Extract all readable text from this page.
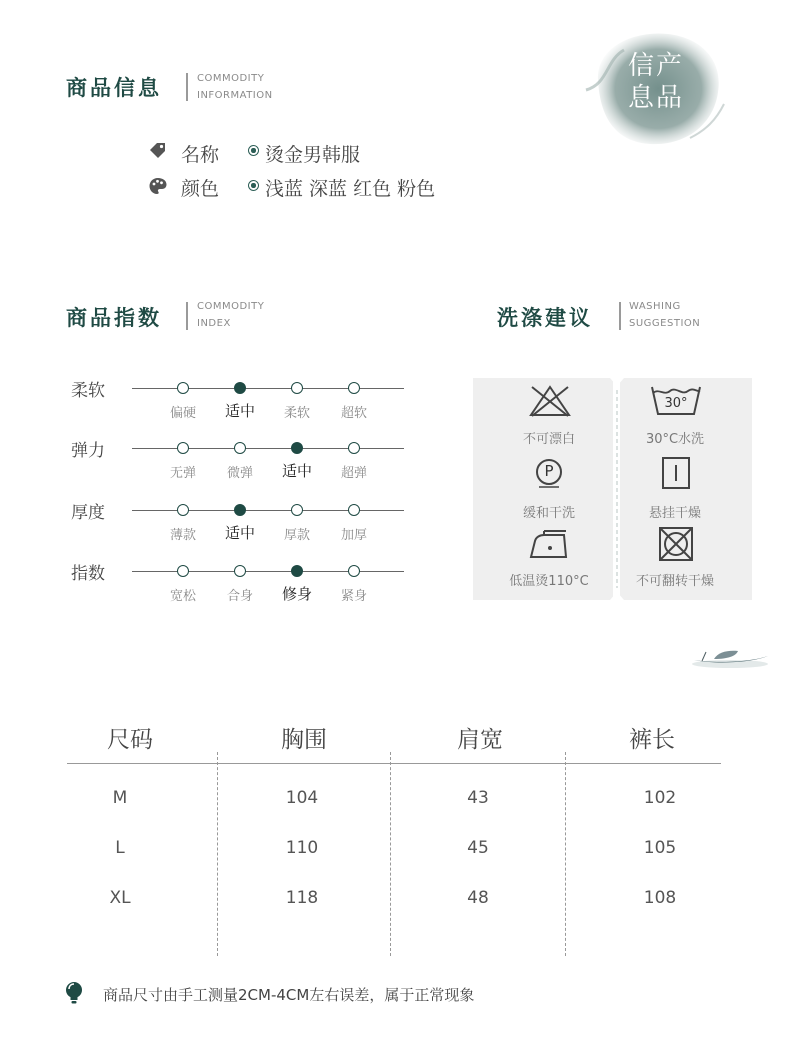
商品信息	COMMODITY
INFORMATION
信产息品
名称 烫金男韩服
颜色 浅蓝 深蓝 红色 粉色
商品指数	COMMODITY
INDEX
柔软
偏硬	适中	柔软	超软
弹力
无弹	微弹	适中	超弹
厚度
薄款	适中	厚款	加厚
指数
宽松	合身	修身	紧身
洗涤建议	WASHING
SUGGESTION
不可漂白
30°
30°C水洗
P
缓和干洗	悬挂干燥
低温烫110°C	不可翻转干燥
尺码	胸围	肩宽	裤长
M	104	43	102
L	110	45	105
XL	118	48	108
商品尺寸由手工测量2CM-4CM左右误差，属于正常现象
